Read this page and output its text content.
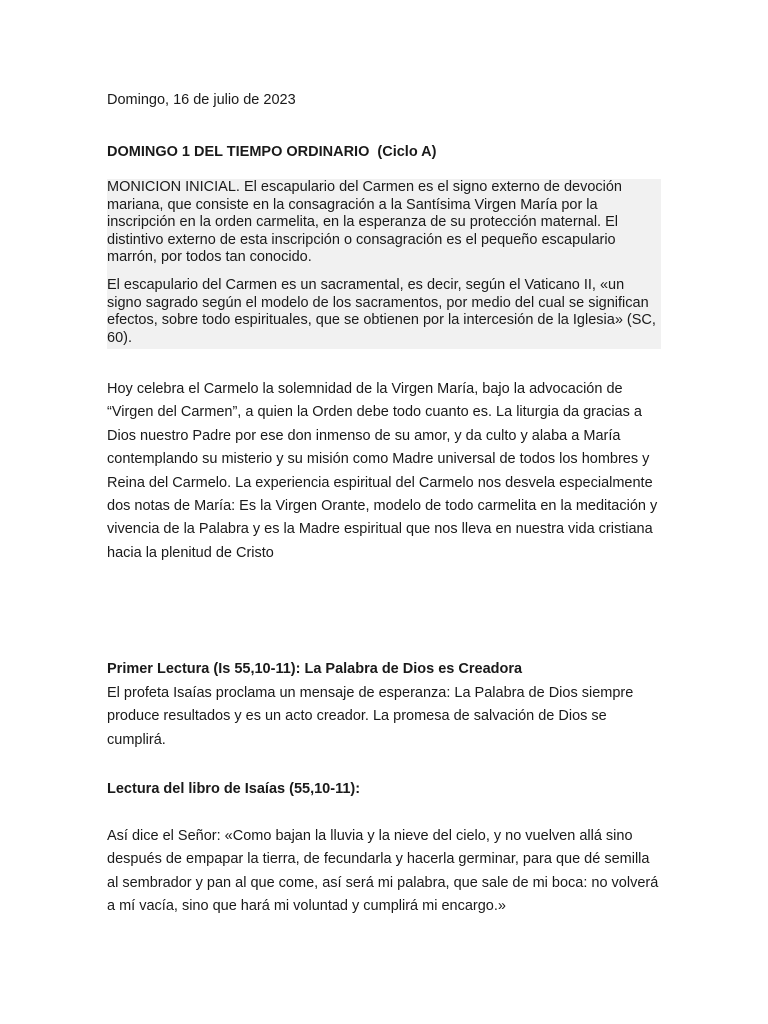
Domingo, 16 de julio de 2023
DOMINGO 1 DEL TIEMPO ORDINARIO  (Ciclo A)

MONICION INICIAL. El escapulario del Carmen es el signo externo de devoción mariana, que consiste en la consagración a la Santísima Virgen María por la inscripción en la orden carmelita, en la esperanza de su protección maternal. El distintivo externo de esta inscripción o consagración es el pequeño escapulario marrón, por todos tan conocido.

El escapulario del Carmen es un sacramental, es decir, según el Vaticano II, «un signo sagrado según el modelo de los sacramentos, por medio del cual se significan efectos, sobre todo espirituales, que se obtienen por la intercesión de la Iglesia» (SC, 60).

Hoy celebra el Carmelo la solemnidad de la Virgen María, bajo la advocación de “Virgen del Carmen”, a quien la Orden debe todo cuanto es. La liturgia da gracias a Dios nuestro Padre por ese don inmenso de su amor, y da culto y alaba a María contemplando su misterio y su misión como Madre universal de todos los hombres y Reina del Carmelo. La experiencia espiritual del Carmelo nos desvela especialmente dos notas de María: Es la Virgen Orante, modelo de todo carmelita en la meditación y vivencia de la Palabra y es la Madre espiritual que nos lleva en nuestra vida cristiana hacia la plenitud de Cristo

Primer Lectura (Is 55,10-11): La Palabra de Dios es Creadora

El profeta Isaías proclama un mensaje de esperanza: La Palabra de Dios siempre produce resultados y es un acto creador. La promesa de salvación de Dios se cumplirá.

Lectura del libro de Isaías (55,10-11):

Así dice el Señor: «Como bajan la lluvia y la nieve del cielo, y no vuelven allá sino después de empapar la tierra, de fecundarla y hacerla germinar, para que dé semilla al sembrador y pan al que come, así será mi palabra, que sale de mi boca: no volverá a mí vacía, sino que hará mi voluntad y cumplirá mi encargo.»
